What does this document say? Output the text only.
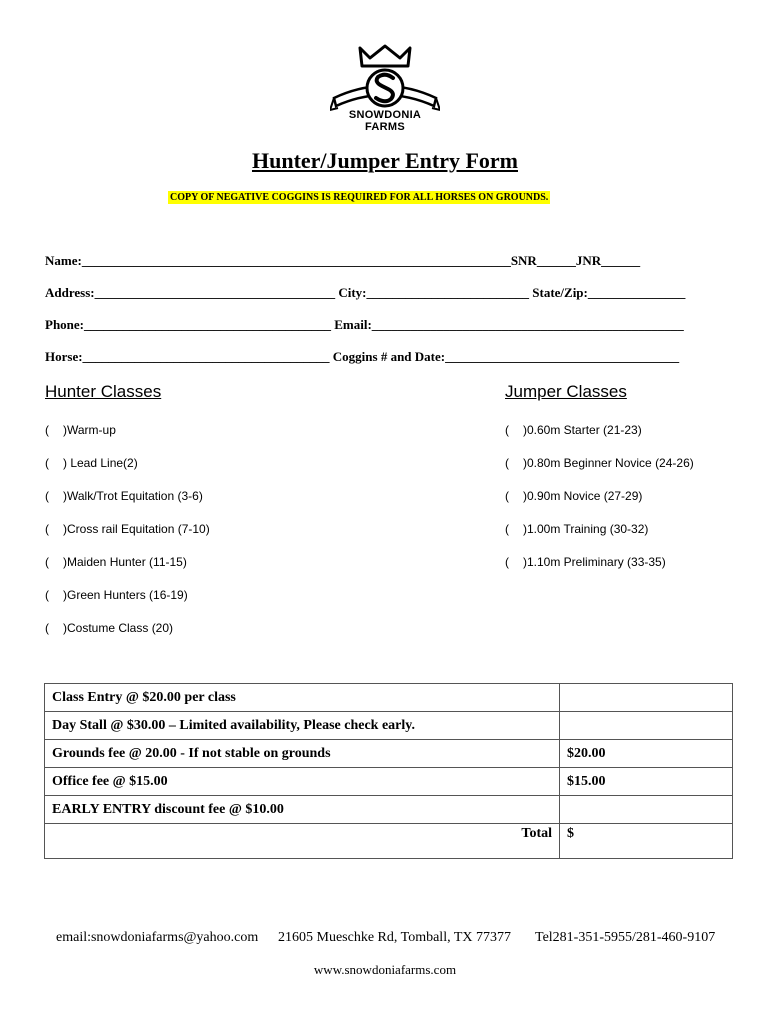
SNOWDONIA
FARMS
Hunter/Jumper Entry Form
COPY OF NEGATIVE COGGINS IS REQUIRED FOR ALL HORSES ON GROUNDS.
Name:__________________________________________________________________SNR______JNR______
Address:_____________________________________ City:_________________________ State/Zip:_______________
Phone:______________________________________ Email:________________________________________________
Horse:______________________________________ Coggins # and Date:____________________________________
Hunter Classes	Jumper Classes
( )Warm-up
( ) Lead Line(2)
( )Walk/Trot Equitation (3-6)
( )Cross rail Equitation (7-10)
( )Maiden Hunter (11-15)
( )Green Hunters (16-19)
( )Costume Class (20)
( )0.60m Starter (21-23)
( )0.80m Beginner Novice (24-26)
( )0.90m Novice (27-29)
( )1.00m Training (30-32)
( )1.10m Preliminary (33-35)
Class Entry @ $20.00 per class	
Day Stall @ $30.00 – Limited availability, Please check early.	
Grounds fee @ 20.00 - If not stable on grounds	$20.00
Office fee @ $15.00	$15.00
EARLY ENTRY discount fee @ $10.00	
Total	$
email:snowdoniafarms@yahoo.com 21605 Mueschke Rd, Tomball, TX 77377 Tel281-351-5955/281-460-9107
www.snowdoniafarms.com
